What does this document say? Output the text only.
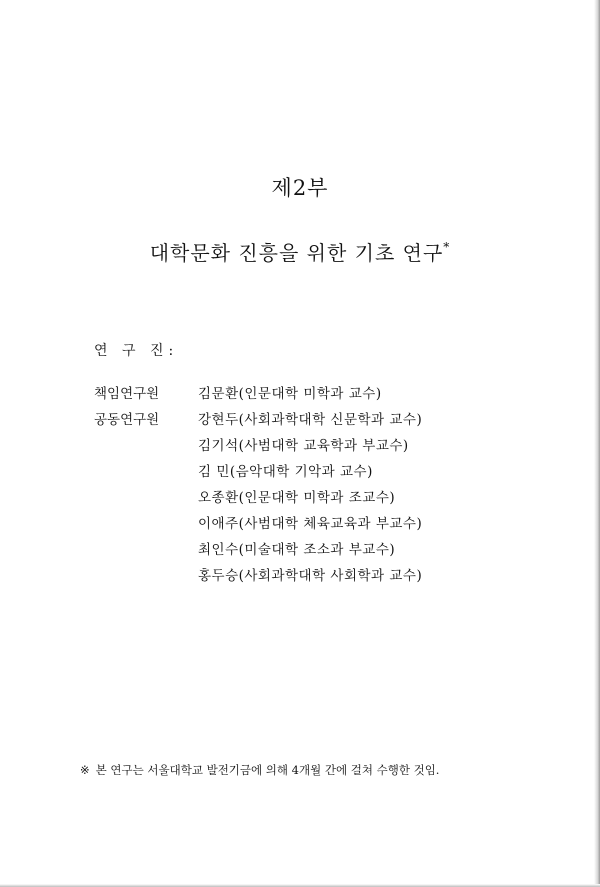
제2부
대학문화 진흥을 위한 기초 연구*
연 구 진:
책임연구원	김문환(인문대학 미학과 교수)
공동연구원	강현두(사회과학대학 신문학과 교수)
김기석(사범대학 교육학과 부교수)
김 민(음악대학 기악과 교수)
오종환(인문대학 미학과 조교수)
이애주(사범대학 체육교육과 부교수)
최인수(미술대학 조소과 부교수)
홍두승(사회과학대학 사회학과 교수)
※ 본 연구는 서울대학교 발전기금에 의해 4개월 간에 걸쳐 수행한 것임.
